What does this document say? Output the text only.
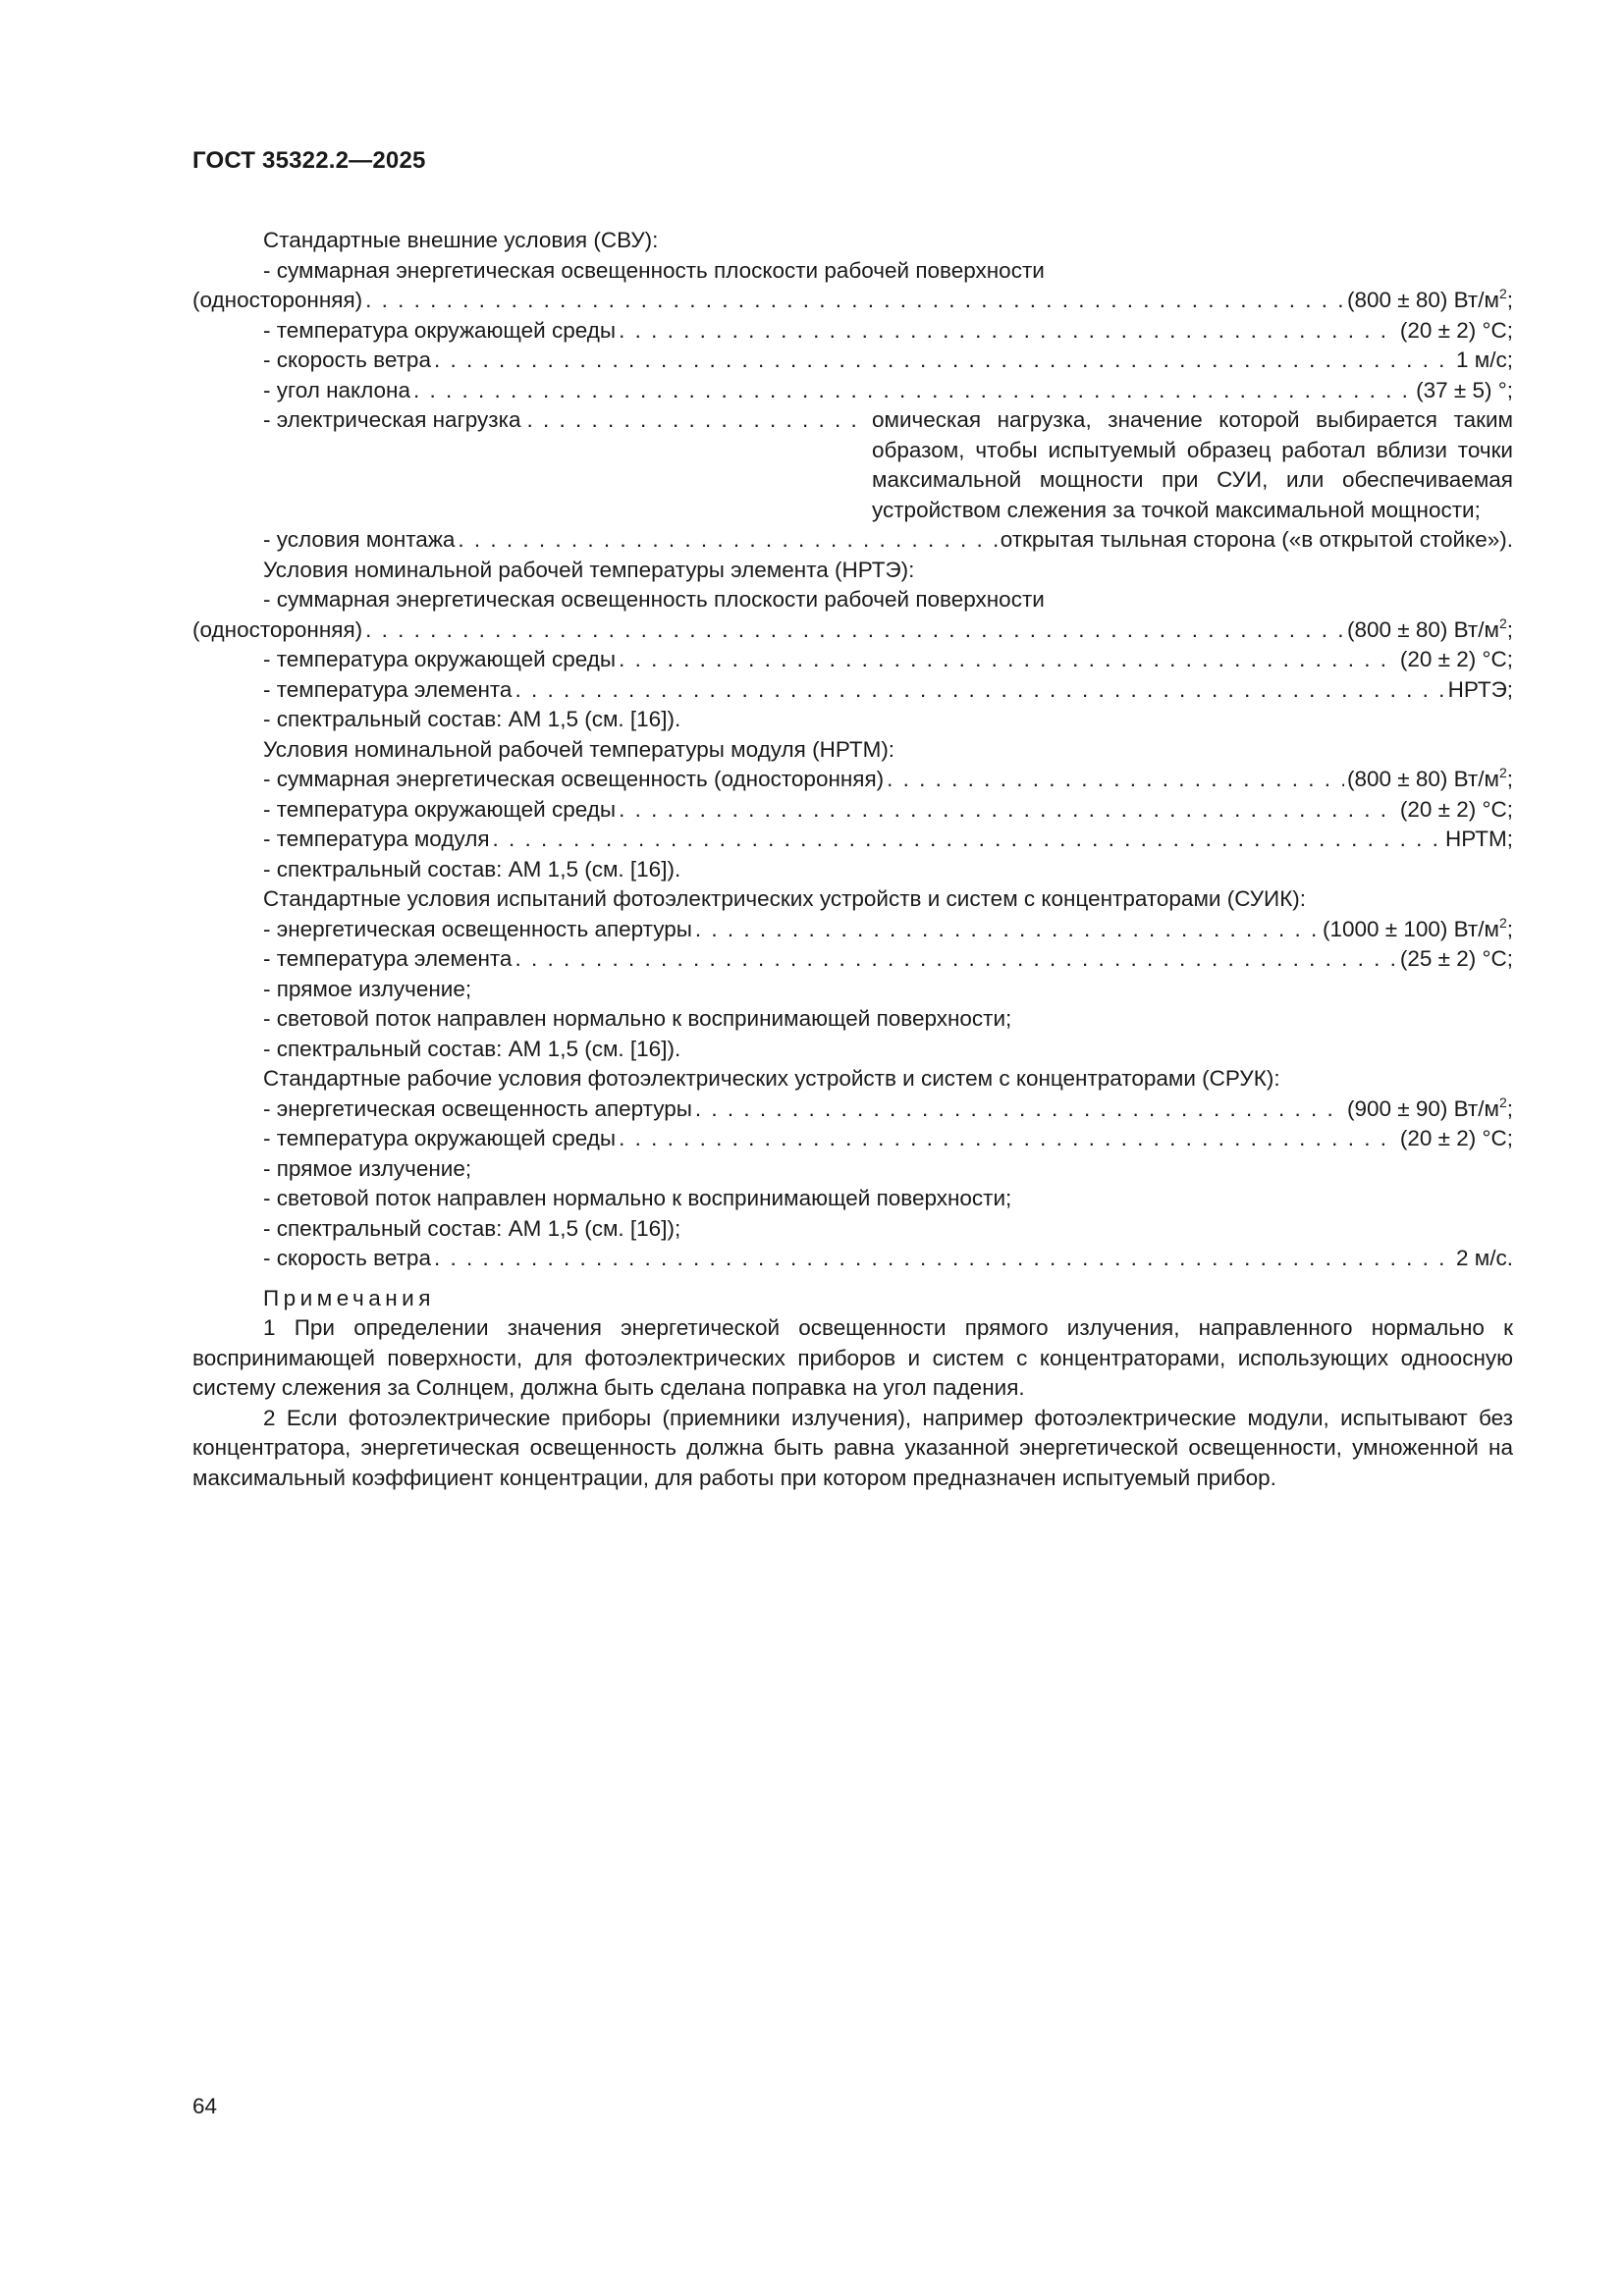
ГОСТ 35322.2—2025
Стандартные внешние условия (СВУ):
- суммарная энергетическая освещенность плоскости рабочей поверхности
(односторонняя) . . .	(800 ± 80) $Вт/м^2$;
- температура окружающей среды . . .	(20 ± 2) °С;
- скорость ветра . . .	1 м/с;
- угол наклона . . .	(37 ± 5) °;
- электрическая нагрузка . . .	омическая нагрузка, значение которой выбирается таким образом, чтобы испытуемый образец работал вблизи точки максимальной мощности при СУИ, или обеспечиваемая устройством слежения за точкой максимальной мощности;
- условия монтажа . . .	открытая тыльная сторона («в открытой стойке»).
Условия номинальной рабочей температуры элемента (НРТЭ):
- суммарная энергетическая освещенность плоскости рабочей поверхности
(односторонняя) . . .	(800 ± 80) $Вт/м^2$;
- температура окружающей среды . . .	(20 ± 2) °С;
- температура элемента . . .	НРТЭ;
- спектральный состав: АМ 1,5 (см. [16]).
Условия номинальной рабочей температуры модуля (НРТМ):
- суммарная энергетическая освещенность (односторонняя) . . .	(800 ± 80) $Вт/м^2$;
- температура окружающей среды . . .	(20 ± 2) °С;
- температура модуля . . .	НРТМ;
- спектральный состав: АМ 1,5 (см. [16]).
Стандартные условия испытаний фотоэлектрических устройств и систем с концентраторами (СУИК):
- энергетическая освещенность апертуры . . .	(1000 ± 100) $Вт/м^2$;
- температура элемента . . .	(25 ± 2) °С;
- прямое излучение;
- световой поток направлен нормально к воспринимающей поверхности;
- спектральный состав: АМ 1,5 (см. [16]).
Стандартные рабочие условия фотоэлектрических устройств и систем с концентраторами (СРУК):
- энергетическая освещенность апертуры . . .	(900 ± 90) $Вт/м^2$;
- температура окружающей среды . . .	(20 ± 2) °С;
- прямое излучение;
- световой поток направлен нормально к воспринимающей поверхности;
- спектральный состав: АМ 1,5 (см. [16]);
- скорость ветра . . .	2 м/с.
Примечания
1 При определении значения энергетической освещенности прямого излучения, направленного нормально к воспринимающей поверхности, для фотоэлектрических приборов и систем с концентраторами, использующих одноосную систему слежения за Солнцем, должна быть сделана поправка на угол падения.
2 Если фотоэлектрические приборы (приемники излучения), например фотоэлектрические модули, испытывают без концентратора, энергетическая освещенность должна быть равна указанной энергетической освещенности, умноженной на максимальный коэффициент концентрации, для работы при котором предназначен испытуемый прибор.
64
